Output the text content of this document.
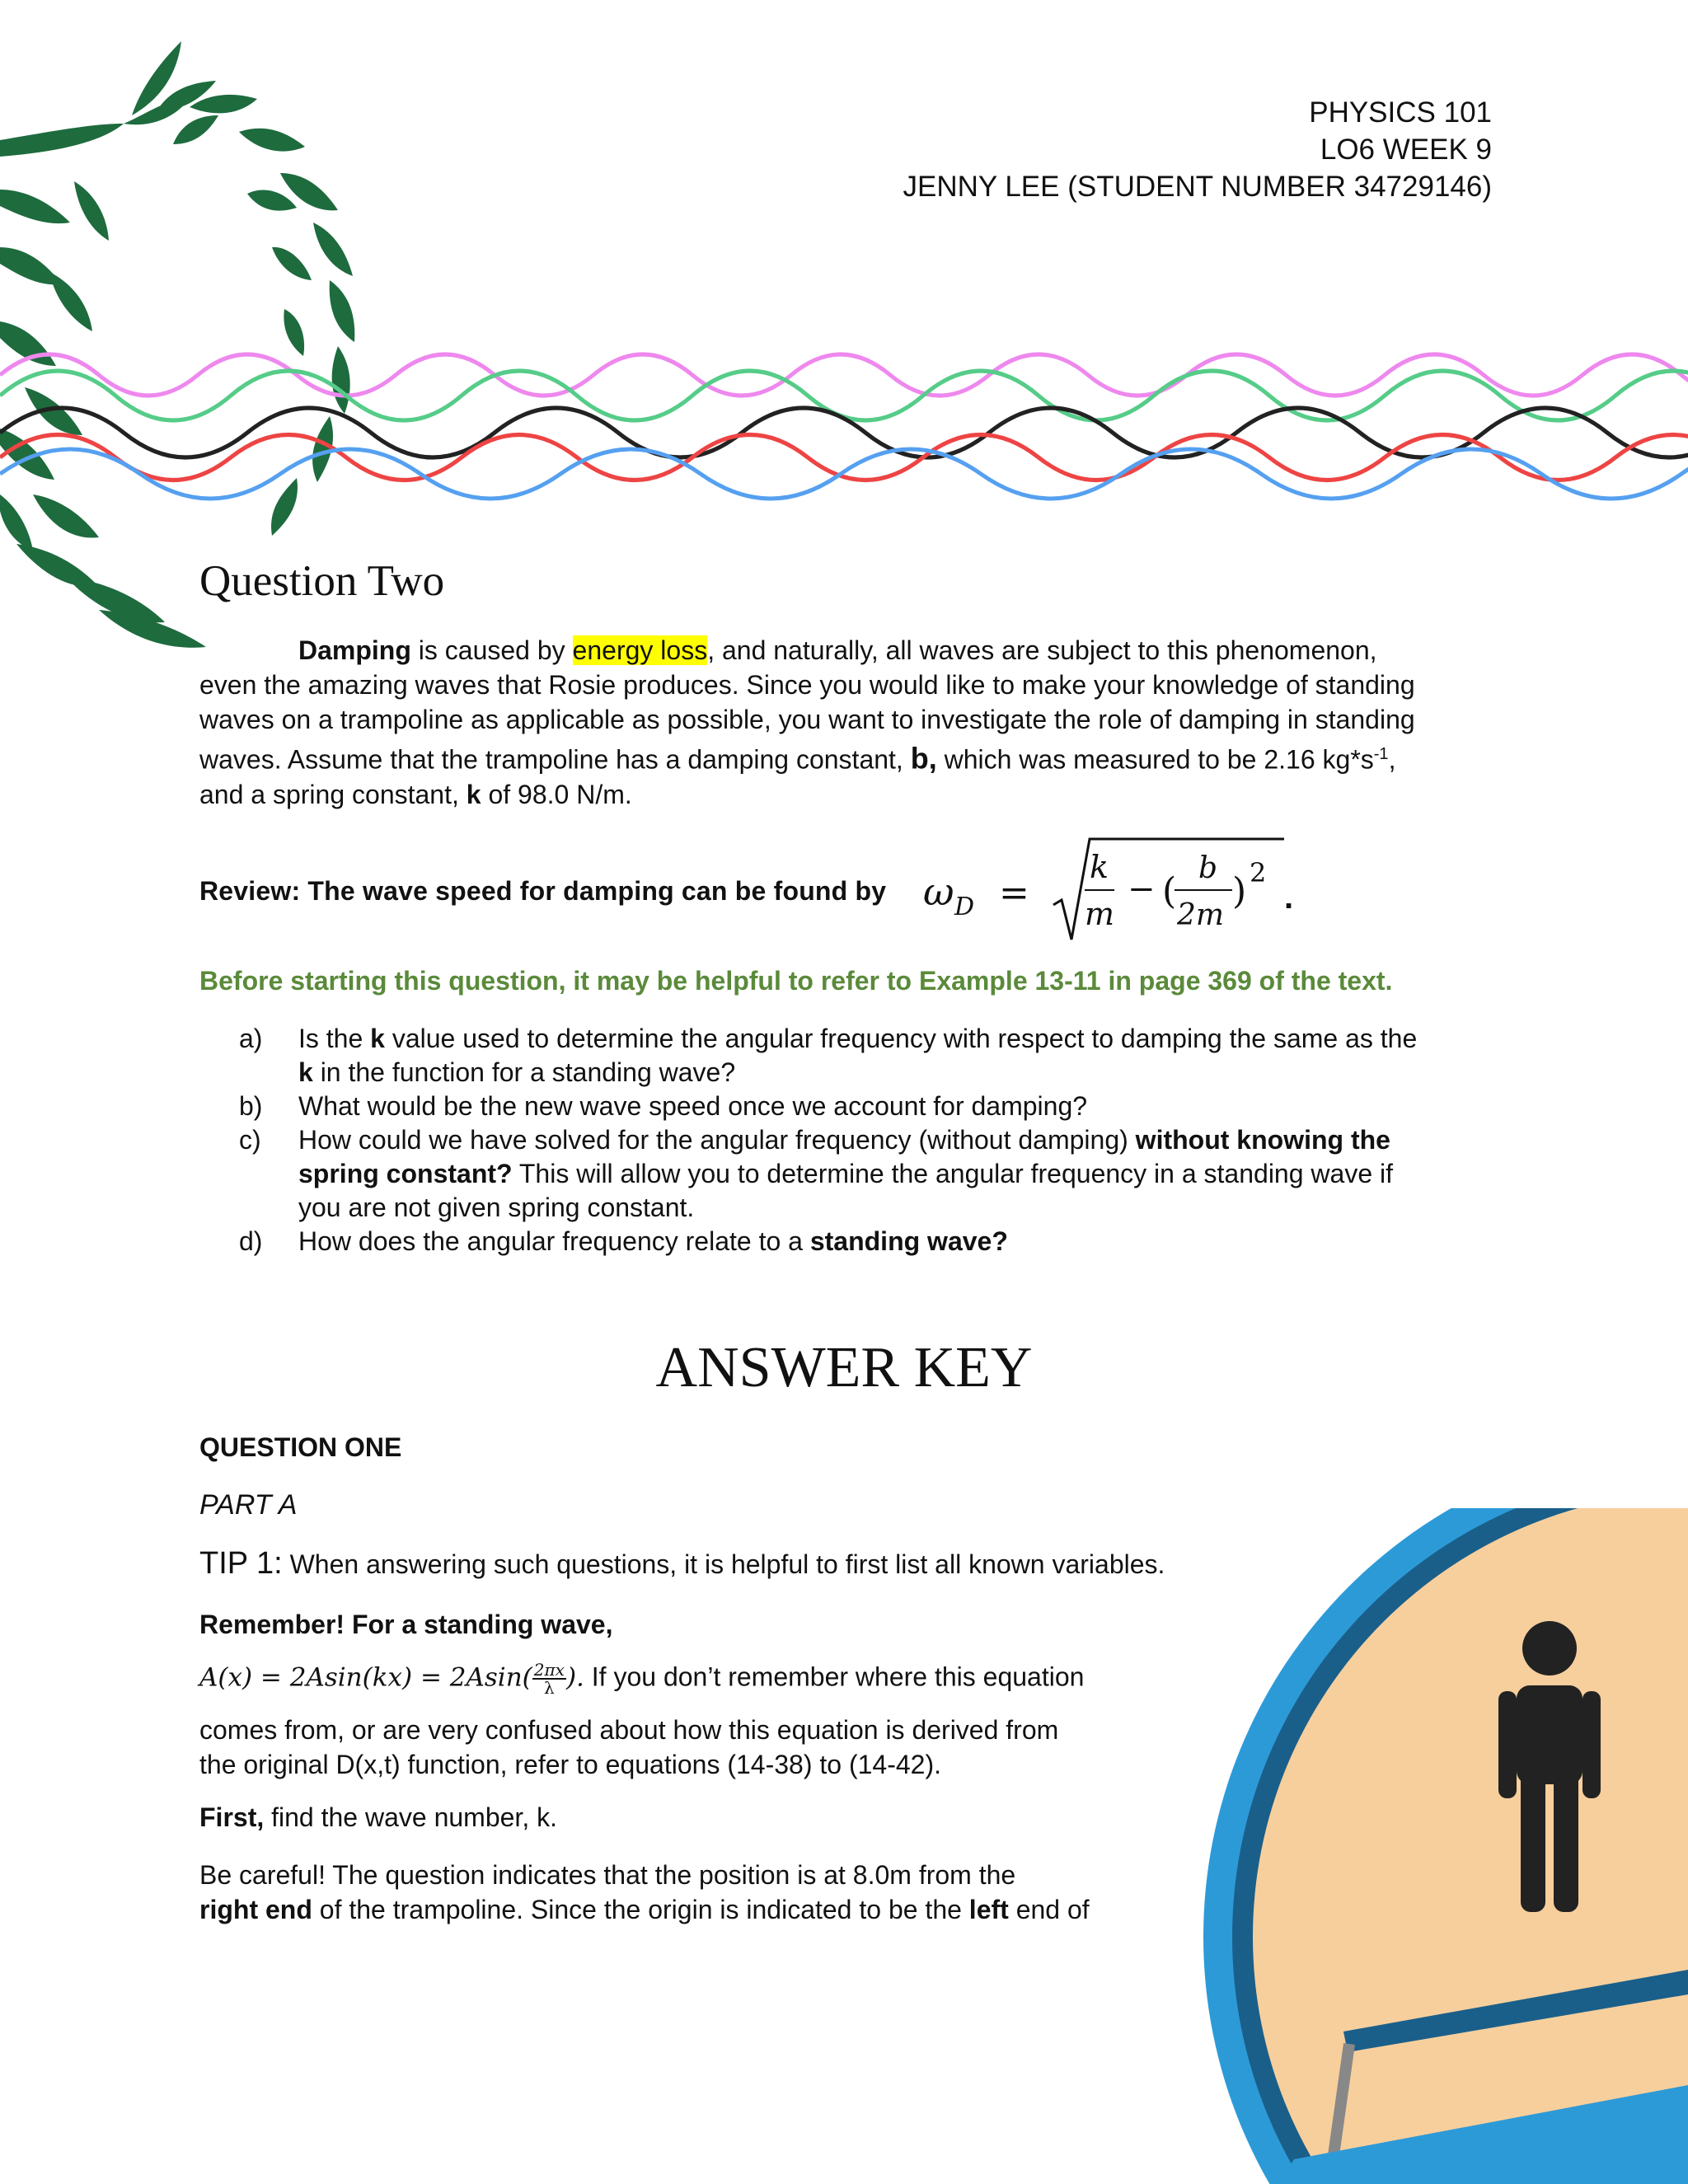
PHYSICS 101
LO6 WEEK 9
JENNY LEE (STUDENT NUMBER 34729146)
Question Two
Damping is caused by energy loss, and naturally, all waves are subject to this phenomenon,
even the amazing waves that Rosie produces. Since you would like to make your knowledge of standing
waves on a trampoline as applicable as possible, you want to investigate the role of damping in standing
waves. Assume that the trampoline has a damping constant, b, which was measured to be 2.16 $kg*s^{-1}$,
and a spring constant, k of 98.0 N/m.
Review: The wave speed for damping can be found by ω D =
k
m
− (
b
2m
) 2
.
Before starting this question, it may be helpful to refer to Example 13-11 in page 369 of the text.
a)	Is the k value used to determine the angular frequency with respect to damping the same as the
k in the function for a standing wave?
b)	What would be the new wave speed once we account for damping?
c)	How could we have solved for the angular frequency (without damping) without knowing the
spring constant? This will allow you to determine the angular frequency in a standing wave if
you are not given spring constant.
d)	How does the angular frequency relate to a standing wave?
ANSWER KEY
QUESTION ONE
PART A
TIP 1: When answering such questions, it is helpful to first list all known variables.
Remember! For a standing wave,
$A(x) = 2Asin(kx) = 2Asin( \frac{2\pi x}{\lambda}$ ). If you don’t remember where this equation
comes from, or are very confused about how this equation is derived from
the original D(x,t) function, refer to equations (14-38) to (14-42).
First, find the wave number, k.
Be careful! The question indicates that the position is at 8.0m from the
right end of the trampoline. Since the origin is indicated to be the left end of
